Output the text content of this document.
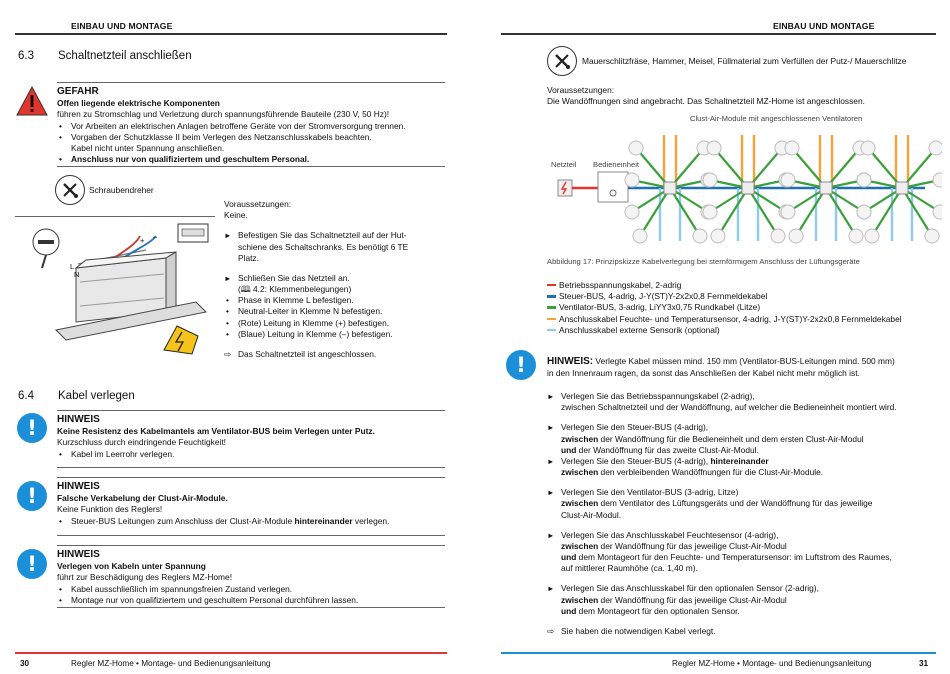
EINBAU UND MONTAGE	EINBAU UND MONTAGE
6.3 Schaltnetzteil anschließen
GEFAHR
Offen liegende elektrische Komponenten
führen zu Stromschlag und Verletzung durch spannungsführende Bauteile (230 V, 50 Hz)!
• Vor Arbeiten an elektrischen Anlagen betroffene Geräte von der Stromversorgung trennen.
• Vorgaben der Schutzklasse II beim Verlegen des Netzanschlusskabels beachten.
Kabel nicht unter Spannung anschließen.
• Anschluss nur von qualifiziertem und geschultem Personal.
Schraubendreher
L
N
+ –
Voraussetzungen:
Keine.
► Befestigen Sie das Schaltnetzteil auf der Hut-
schiene des Schaltschranks. Es benötigt 6 TE
Platz.
► Schließen Sie das Netzteil an.
(🕮 4.2: Klemmenbelegungen)
• Phase in Klemme L befestigen.
• Neutral-Leiter in Klemme N befestigen.
• (Rote) Leitung in Klemme (+) befestigen.
• (Blaue) Leitung in Klemme (–) befestigen.
⇨ Das Schaltnetzteil ist angeschlossen.
6.4 Kabel verlegen
!	HINWEIS
Keine Resistenz des Kabelmantels am Ventilator-BUS beim Verlegen unter Putz.
Kurzschluss durch eindringende Feuchtigkeit!
• Kabel im Leerrohr verlegen.
!	HINWEIS
Falsche Verkabelung der Clust-Air-Module.
Keine Funktion des Reglers!
• Steuer-BUS Leitungen zum Anschluss der Clust-Air-Module hintereinander verlegen.
!	HINWEIS
Verlegen von Kabeln unter Spannung
führt zur Beschädigung des Reglers MZ-Home!
• Kabel ausschließlich im spannungsfreien Zustand verlegen.
• Montage nur von qualifiziertem und geschultem Personal durchführen lassen.
Mauerschlitzfräse, Hammer, Meisel, Füllmaterial zum Verfüllen der Putz-/ Mauerschlitze
Voraussetzungen:
Die Wandöffnungen sind angebracht. Das Schaltnetzteil MZ-Home ist angeschlossen.
Clust-Air-Module mit angeschlossenen Ventilatoren
Netzteil Bedieneinheit
Abbildung 17: Prinzipskizze Kabelverlegung bei sternförmigem Anschluss der Lüftungsgeräte
Betriebsspannungskabel, 2-adrig
Steuer-BUS, 4-adrig, J-Y(ST)Y-2x2x0,8 Fernmeldekabel
Ventilator-BUS, 3-adrig, LiYY3x0,75 Rundkabel (Litze)
Anschlusskabel Feuchte- und Temperatursensor, 4-adrig, J-Y(ST)Y-2x2x0,8 Fernmeldekabel
Anschlusskabel externe Sensorik (optional)
!	HINWEIS: Verlegte Kabel müssen mind. 150 mm (Ventilator-BUS-Leitungen mind. 500 mm)
in den Innenraum ragen, da sonst das Anschließen der Kabel nicht mehr möglich ist.
► Verlegen Sie das Betriebsspannungskabel (2-adrig),
zwischen Schaltnetzteil und der Wandöffnung, auf welcher die Bedieneinheit montiert wird.
► Verlegen Sie den Steuer-BUS (4-adrig),
zwischen der Wandöffnung für die Bedieneinheit und dem ersten Clust-Air-Modul
und der Wandöffnung für das zweite Clust-Air-Modul.
► Verlegen Sie den Steuer-BUS (4-adrig), hintereinander
zwischen den verbleibenden Wandöffnungen für die Clust-Air-Module.
► Verlegen Sie den Ventilator-BUS (3-adrig, Litze)
zwischen dem Ventilator des Lüftungsgeräts und der Wandöffnung für das jeweilige
Clust-Air-Modul.
► Verlegen Sie das Anschlusskabel Feuchtesensor (4-adrig),
zwischen der Wandöffnung für das jeweilige Clust-Air-Modul
und dem Montageort für den Feuchte- und Temperatursensor: im Luftstrom des Raumes,
auf mittlerer Raumhöhe (ca. 1,40 m).
► Verlegen Sie das Anschlusskabel für den optionalen Sensor (2-adrig),
zwischen der Wandöffnung für das jeweilige Clust-Air-Modul
und dem Montageort für den optionalen Sensor.
⇨ Sie haben die notwendigen Kabel verlegt.
30	Regler MZ-Home • Montage- und Bedienungsanleitung	Regler MZ-Home • Montage- und Bedienungsanleitung	31
